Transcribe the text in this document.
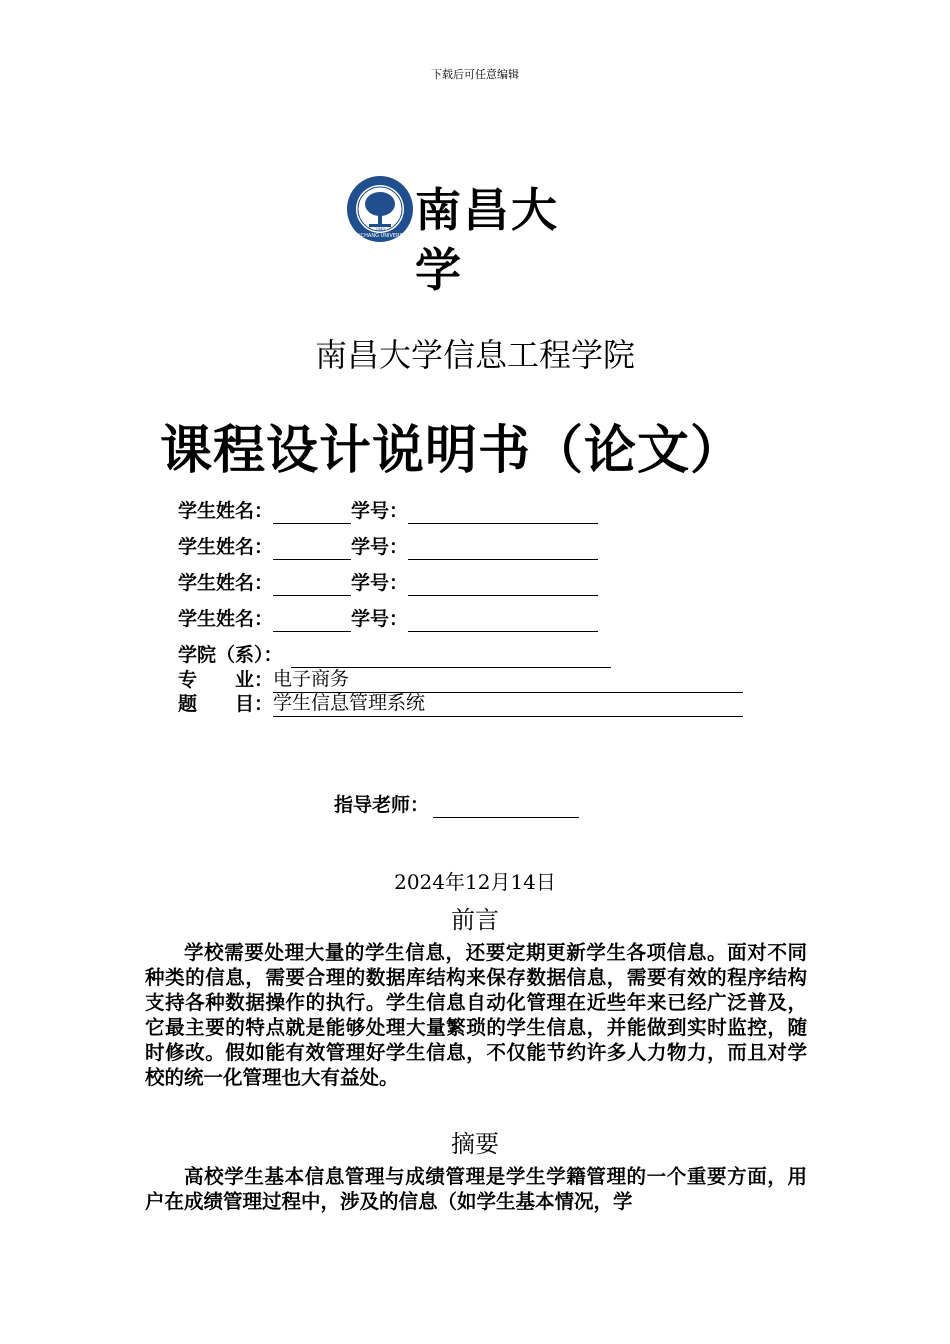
下载后可任意编辑
NANCHANG UNIVERSITY
1940 南昌大学
南昌大学信息工程学院
课程设计说明书（论文）
学生姓名：	学号：
学生姓名：	学号：
学生姓名：	学号：
学生姓名：	学号：
学院（系）：
专　　业：电子商务
题　　目：学生信息管理系统
指导老师：
2024年12月14日
前言
学校需要处理大量的学生信息，还要定期更新学生各项信息。面对不同种类的信息，需要合理的数据库结构来保存数据信息，需要有效的程序结构支持各种数据操作的执行。学生信息自动化管理在近些年来已经广泛普及，它最主要的特点就是能够处理大量繁琐的学生信息，并能做到实时监控，随时修改。假如能有效管理好学生信息，不仅能节约许多人力物力，而且对学校的统一化管理也大有益处。
摘要
高校学生基本信息管理与成绩管理是学生学籍管理的一个重要方面，用户在成绩管理过程中，涉及的信息（如学生基本情况，学
